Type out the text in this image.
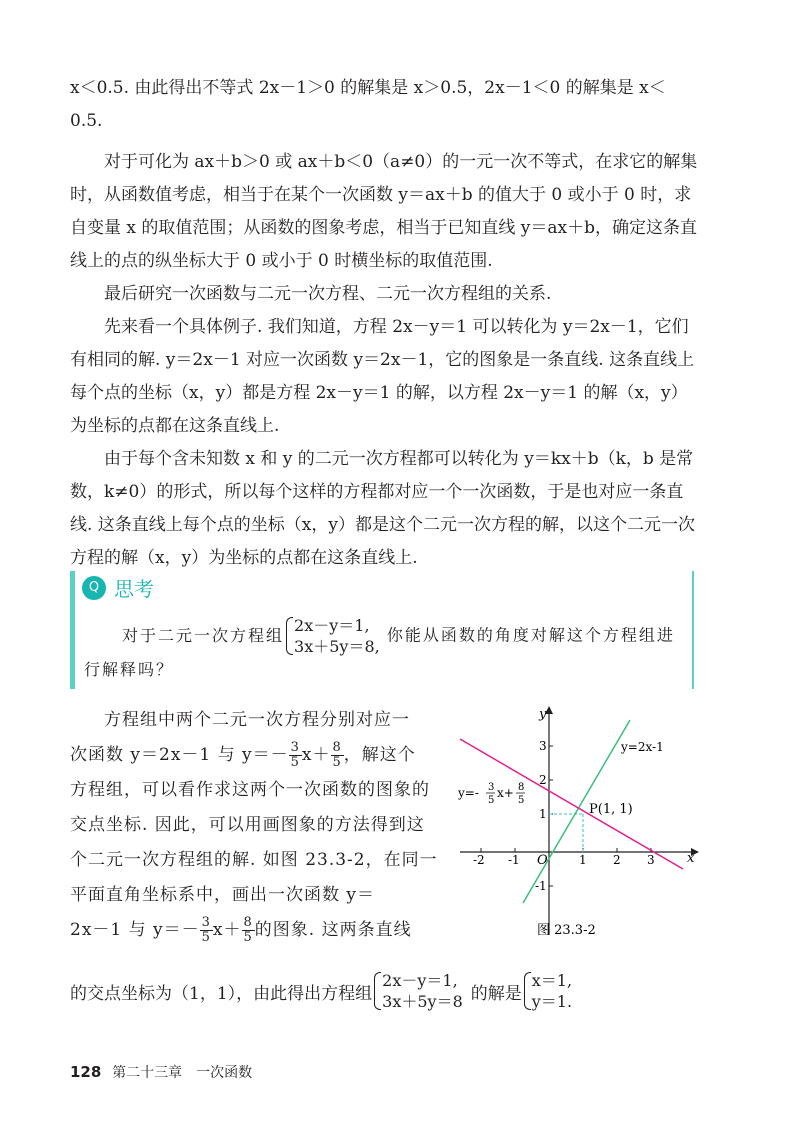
x＜0.5. 由此得出不等式 2x－1＞0 的解集是 x＞0.5，2x－1＜0 的解集是 x＜0.5.

对于可化为 ax＋b＞0 或 ax＋b＜0（a≠0）的一元一次不等式，在求它的解集时，从函数值考虑，相当于在某个一次函数 y＝ax＋b 的值大于 0 或小于 0 时，求自变量 x 的取值范围；从函数的图象考虑，相当于已知直线 y＝ax＋b，确定这条直线上的点的纵坐标大于 0 或小于 0 时横坐标的取值范围.

最后研究一次函数与二元一次方程、二元一次方程组的关系.

先来看一个具体例子. 我们知道，方程 2x－y＝1 可以转化为 y＝2x－1，它们有相同的解. y＝2x－1 对应一次函数 y＝2x－1，它的图象是一条直线. 这条直线上每个点的坐标（x，y）都是方程 2x－y＝1 的解，以方程 2x－y＝1 的解（x，y）为坐标的点都在这条直线上.

由于每个含未知数 x 和 y 的二元一次方程都可以转化为 y＝kx＋b（k，b 是常数，k≠0）的形式，所以每个这样的方程都对应一个一次函数，于是也对应一条直线. 这条直线上每个点的坐标（x，y）都是这个二元一次方程的解，以这个二元一次方程的解（x，y）为坐标的点都在这条直线上.

Q 思考
对于二元一次方程组 2x－y＝1,
3x＋5y＝8,
你能从函数的角度对解这个方程组进行解释吗？

方程组中两个二元一次方程分别对应一

次函数 y＝2x－1 与 $y=- \frac{3}{5} x+ \frac{8}{5}$ ，解这个

方程组，可以看作求这两个一次函数的图象的交点坐标. 因此，可以用画图象的方法得到这个二元一次方程组的解. 如图 23.3-2，在同一平面直角坐标系中，画出一次函数 y＝

2x－1 与 $y=- \frac{3}{5} x+ \frac{8}{5}$ 的图象. 这两条直线

x
y
O
-2 -1	1 2 3
3
2
1
-1
y=2x-1
P(1, 1)
y=- 3
5
x+ 8
5
图 23.3-2
的交点坐标为（1，1），由此得出方程组
2x－y＝1,
3x＋5y＝8 的解是
x＝1,
y＝1.
128 第二十三章　一次函数
